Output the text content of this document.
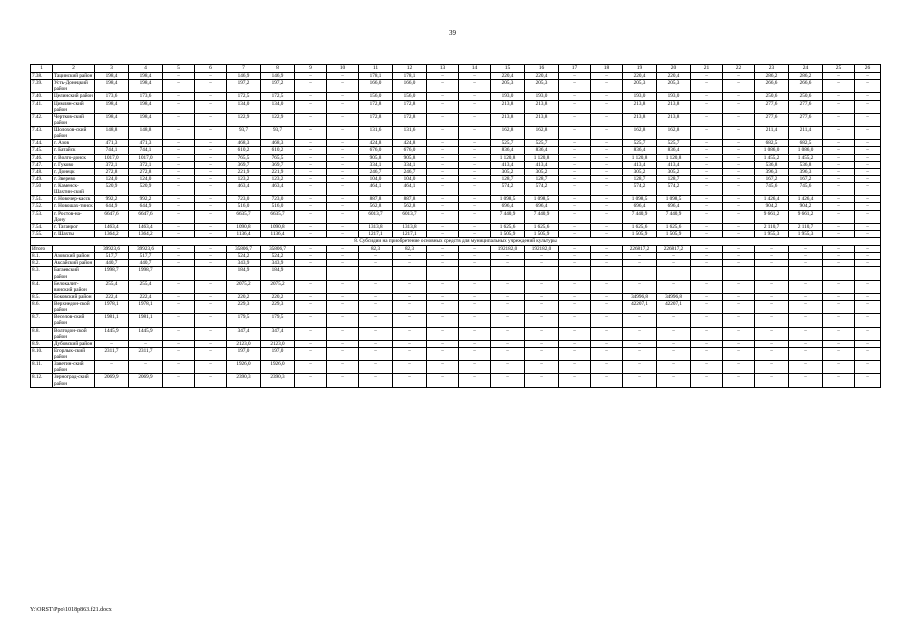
39
1	2	3	4	5	6	7	8	9	10	11	12	13	14	15	16	17	18	19	20	21	22	23	24	25	26
7.38.	Тацинский район	198,4	198,4	–	–	146,9	146,9	–	–	178,1	178,1	–	–	220,4	220,4	–	–	220,4	220,4	–	–	286,2	286,2	–	–
7.39.	Усть-Донецкий район	198,4	198,4	–	–	197,2	197,2	–	–	166,0	166,0	–	–	205,3	205,3	–	–	205,3	205,3	–	–	266,6	266,6	–	–
7.40.	Целинский район	173,6	173,6	–	–	172,5	172,5	–	–	156,0	156,0	–	–	193,0	193,0	–	–	193,0	193,0	–	–	250,6	250,6	–	–
7.41.	Цимлян-ский район	198,4	198,4	–	–	134,0	134,0	–	–	172,8	172,8	–	–	213,8	213,8	–	–	213,8	213,8	–	–	277,6	277,6	–	–
7.42.	Чертков-ский район	198,4	198,4	–	–	122,9	122,9	–	–	172,8	172,8	–	–	213,8	213,8	–	–	213,8	213,8	–	–	277,6	277,6	–	–
7.43.	Шолохов-ский район	148,8	148,8	–	–	93,7	93,7	–	–	131,6	131,6	–	–	162,8	162,8	–	–	162,8	162,8	–	–	211,4	211,4	–	–
7.44.	г. Азов	471,3	471,3	–	–	468,3	468,3	–	–	424,8	424,8	–	–	525,7	525,7	–	–	525,7	525,7	–	–	682,5	682,5	–	–
7.45.	г. Батайск	744,1	744,1	–	–	610,2	610,2	–	–	676,0	676,0	–	–	836,4	836,4	–	–	836,4	836,4	–	–	1 086,0	1 086,0	–	–
7.46.	г. Волго-донск	1017,0	1017,0	–	–	765,5	765,5	–	–	905,8	905,8	–	–	1 120,8	1 120,8	–	–	1 120,8	1 120,8	–	–	1 455,2	1 455,2	–	–
7.47.	г. Гуково	372,1	372,1	–	–	369,7	369,7	–	–	334,1	334,1	–	–	413,4	413,4	–	–	413,4	413,4	–	–	536,8	536,8	–	–
7.48.	г. Донецк	272,8	272,8	–	–	221,9	221,9	–	–	246,7	246,7	–	–	305,2	305,2	–	–	305,2	305,2	–	–	396,3	396,3	–	–
7.49.	г. Зверево	124,0	124,0	–	–	123,2	123,2	–	–	104,0	104,0	–	–	128,7	128,7	–	–	128,7	128,7	–	–	167,2	167,2	–	–
7.50	г. Каменск-Шахтин-ский	520,9	520,9	–	–	463,4	463,4	–	–	464,1	464,1	–	–	574,2	574,2	–	–	574,2	574,2	–	–	745,6	745,6	–	–
7.51.	г. Новочер-касск	992,2	992,2	–	–	723,0	723,0	–	–	887,8	887,8	–	–	1 098,5	1 098,5	–	–	1 098,5	1 098,5	–	–	1 426,4	1 426,4	–	–
7.52.	г. Новошах-тинск	644,9	644,9	–	–	516,0	516,0	–	–	562,8	562,8	–	–	696,4	696,4	–	–	696,4	696,4	–	–	904,2	904,2	–	–
7.53.	г. Ростов-на-Дону	6647,6	6647,6	–	–	6635,7	6635,7	–	–	6013,7	6013,7	–	–	7 440,9	7 440,9	–	–	7 440,9	7 440,9	–	–	9 661,2	9 661,2	–	–
7.54.	г. Таганрог	1463,4	1463,4	–	–	1090,8	1090,8	–	–	1313,8	1313,8	–	–	1 625,6	1 625,6	–	–	1 625,6	1 625,6	–	–	2 110,7	2 110,7	–	–
7.55.	г. Шахты	1364,2	1364,2	–	–	1136,4	1136,4	–	–	1217,1	1217,1	–	–	1 505,9	1 505,9	–	–	1 505,9	1 505,9	–	–	1 955,3	1 955,3	–	–
8. Субсидии на приобретение основных средств для муниципальных учреждений культуры																									
Итого		39923,6	39923,6	–	–	35806,7	35806,7	–	–	82,3	82,3	–	–	192182,0	192182,0	–	–	226817,2	226817,2	–	–	–	–	–	–
8.1.	Азовский район	517,7	517,7	–	–	524,2	524,2	–	–	–	–	–	–	–	–	–	–	–	–	–	–	–	–	–	–
8.2.	Аксайский район	440,7	440,7	–	–	343,9	343,9	–	–	–	–	–	–	–	–	–	–	–	–	–	–	–	–	–	–
8.3.	Багаевский район	1998,7	1998,7			184,9	184,9																		
8.4.	Белокалит-винский район	255,4	255,4	–	–	2075,2	2075,2	–	–	–	–	–	–	–	–	–	–	–	–	–	–	–	–	–	–
8.5.	Боковский район	222,4	222,4	–	–	220,2	220,2	–	–	–	–	–	–	–	–	–	–	34996,8	34996,8	–	–	–	–	–	–
8.6.	Верхнедон-ской район	1978,1	1978,1	–	–	229,3	229,3	–	–	–	–	–	–	–	–	–	–	42207,1	42207,1	–	–	–	–	–	–
8.7.	Веселов-ский район	1981,1	1981,1	–	–	179,5	179,5	–	–	–	–	–	–	–	–	–	–	–	–	–	–	–	–	–	–
8.8.	Волгодон-ской район	1445,9	1445,9	–	–	347,4	347,4	–	–	–	–	–	–	–	–	–	–	–	–	–	–	–	–	–	–
8.9.	Дубовский район	–	–	–	–	2123,0	2123,0	–	–	–	–	–	–	–	–	–	–	–	–	–	–	–	–	–	–
8.10.	Егорлык-ский район	2311,7	2311,7	–	–	197,0	197,0	–	–	–	–	–	–	–	–	–	–	–	–	–	–	–	–	–	–
8.11.	Заветин-ский район	–	–	–	–	1926,0	1926,0	–	–	–	–	–	–	–	–	–	–	–	–	–	–	–	–	–	–
8.12.	Зерноград-ский район	2069,9	2069,9	–	–	2390,3	2390,3	–	–	–	–	–	–	–	–	–	–	–	–	–	–	–	–	–	–
Y:\ORST\Ppo\1018p863.f21.docx
